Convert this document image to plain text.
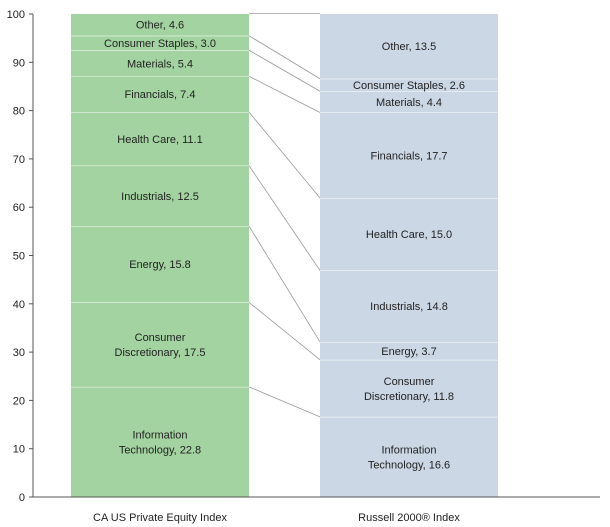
Information Technology, 22.8
Consumer Discretionary, 17.5
Energy, 15.8
Industrials, 12.5
Health Care, 11.1
Financials, 7.4
Materials, 5.4
Consumer Staples, 3.0
Other, 4.6
Information Technology, 16.6
Consumer Discretionary, 11.8
Energy, 3.7
Industrials, 14.8
Health Care, 15.0
Financials, 17.7
Materials, 4.4
Consumer Staples, 2.6
Other, 13.5
0
10
20
30
40
50
60
70
80
90
100
CA US Private Equity Index	Russell 2000® Index
